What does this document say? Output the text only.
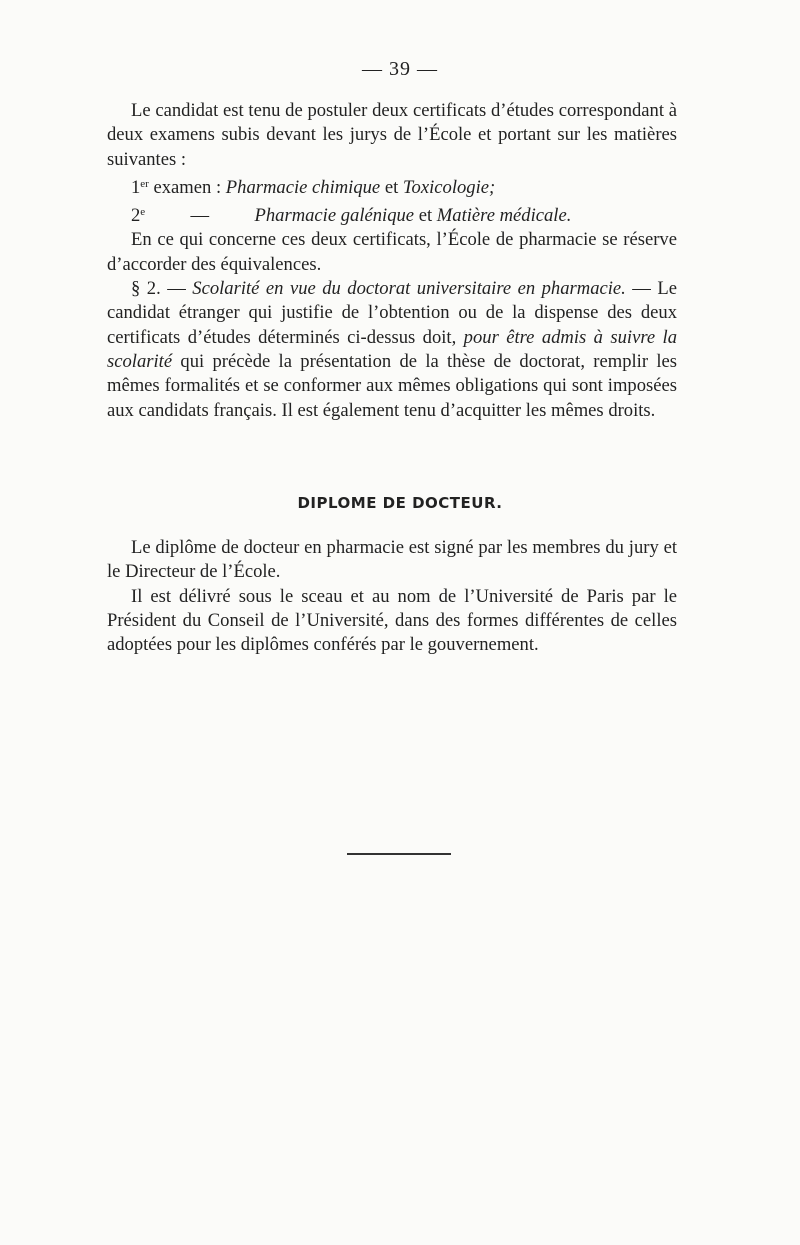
— 39 —

Le candidat est tenu de postuler deux certificats d’études correspondant à deux examens subis devant les jurys de l’École et portant sur les matières suivantes :

1er examen : Pharmacie chimique et Toxicologie;

2e — Pharmacie galénique et Matière médicale.

En ce qui concerne ces deux certificats, l’École de pharmacie se réserve d’accorder des équivalences.

§ 2. — Scolarité en vue du doctorat universitaire en pharmacie. — Le candidat étranger qui justifie de l’obtention ou de la dispense des deux certificats d’études déterminés ci-dessus doit, pour être admis à suivre la scolarité qui précède la présentation de la thèse de doctorat, remplir les mêmes formalités et se conformer aux mêmes obligations qui sont imposées aux candidats français. Il est également tenu d’acquitter les mêmes droits.

DIPLOME DE DOCTEUR.

Le diplôme de docteur en pharmacie est signé par les membres du jury et le Directeur de l’École.

Il est délivré sous le sceau et au nom de l’Université de Paris par le Président du Conseil de l’Université, dans des formes différentes de celles adoptées pour les diplômes conférés par le gouvernement.
